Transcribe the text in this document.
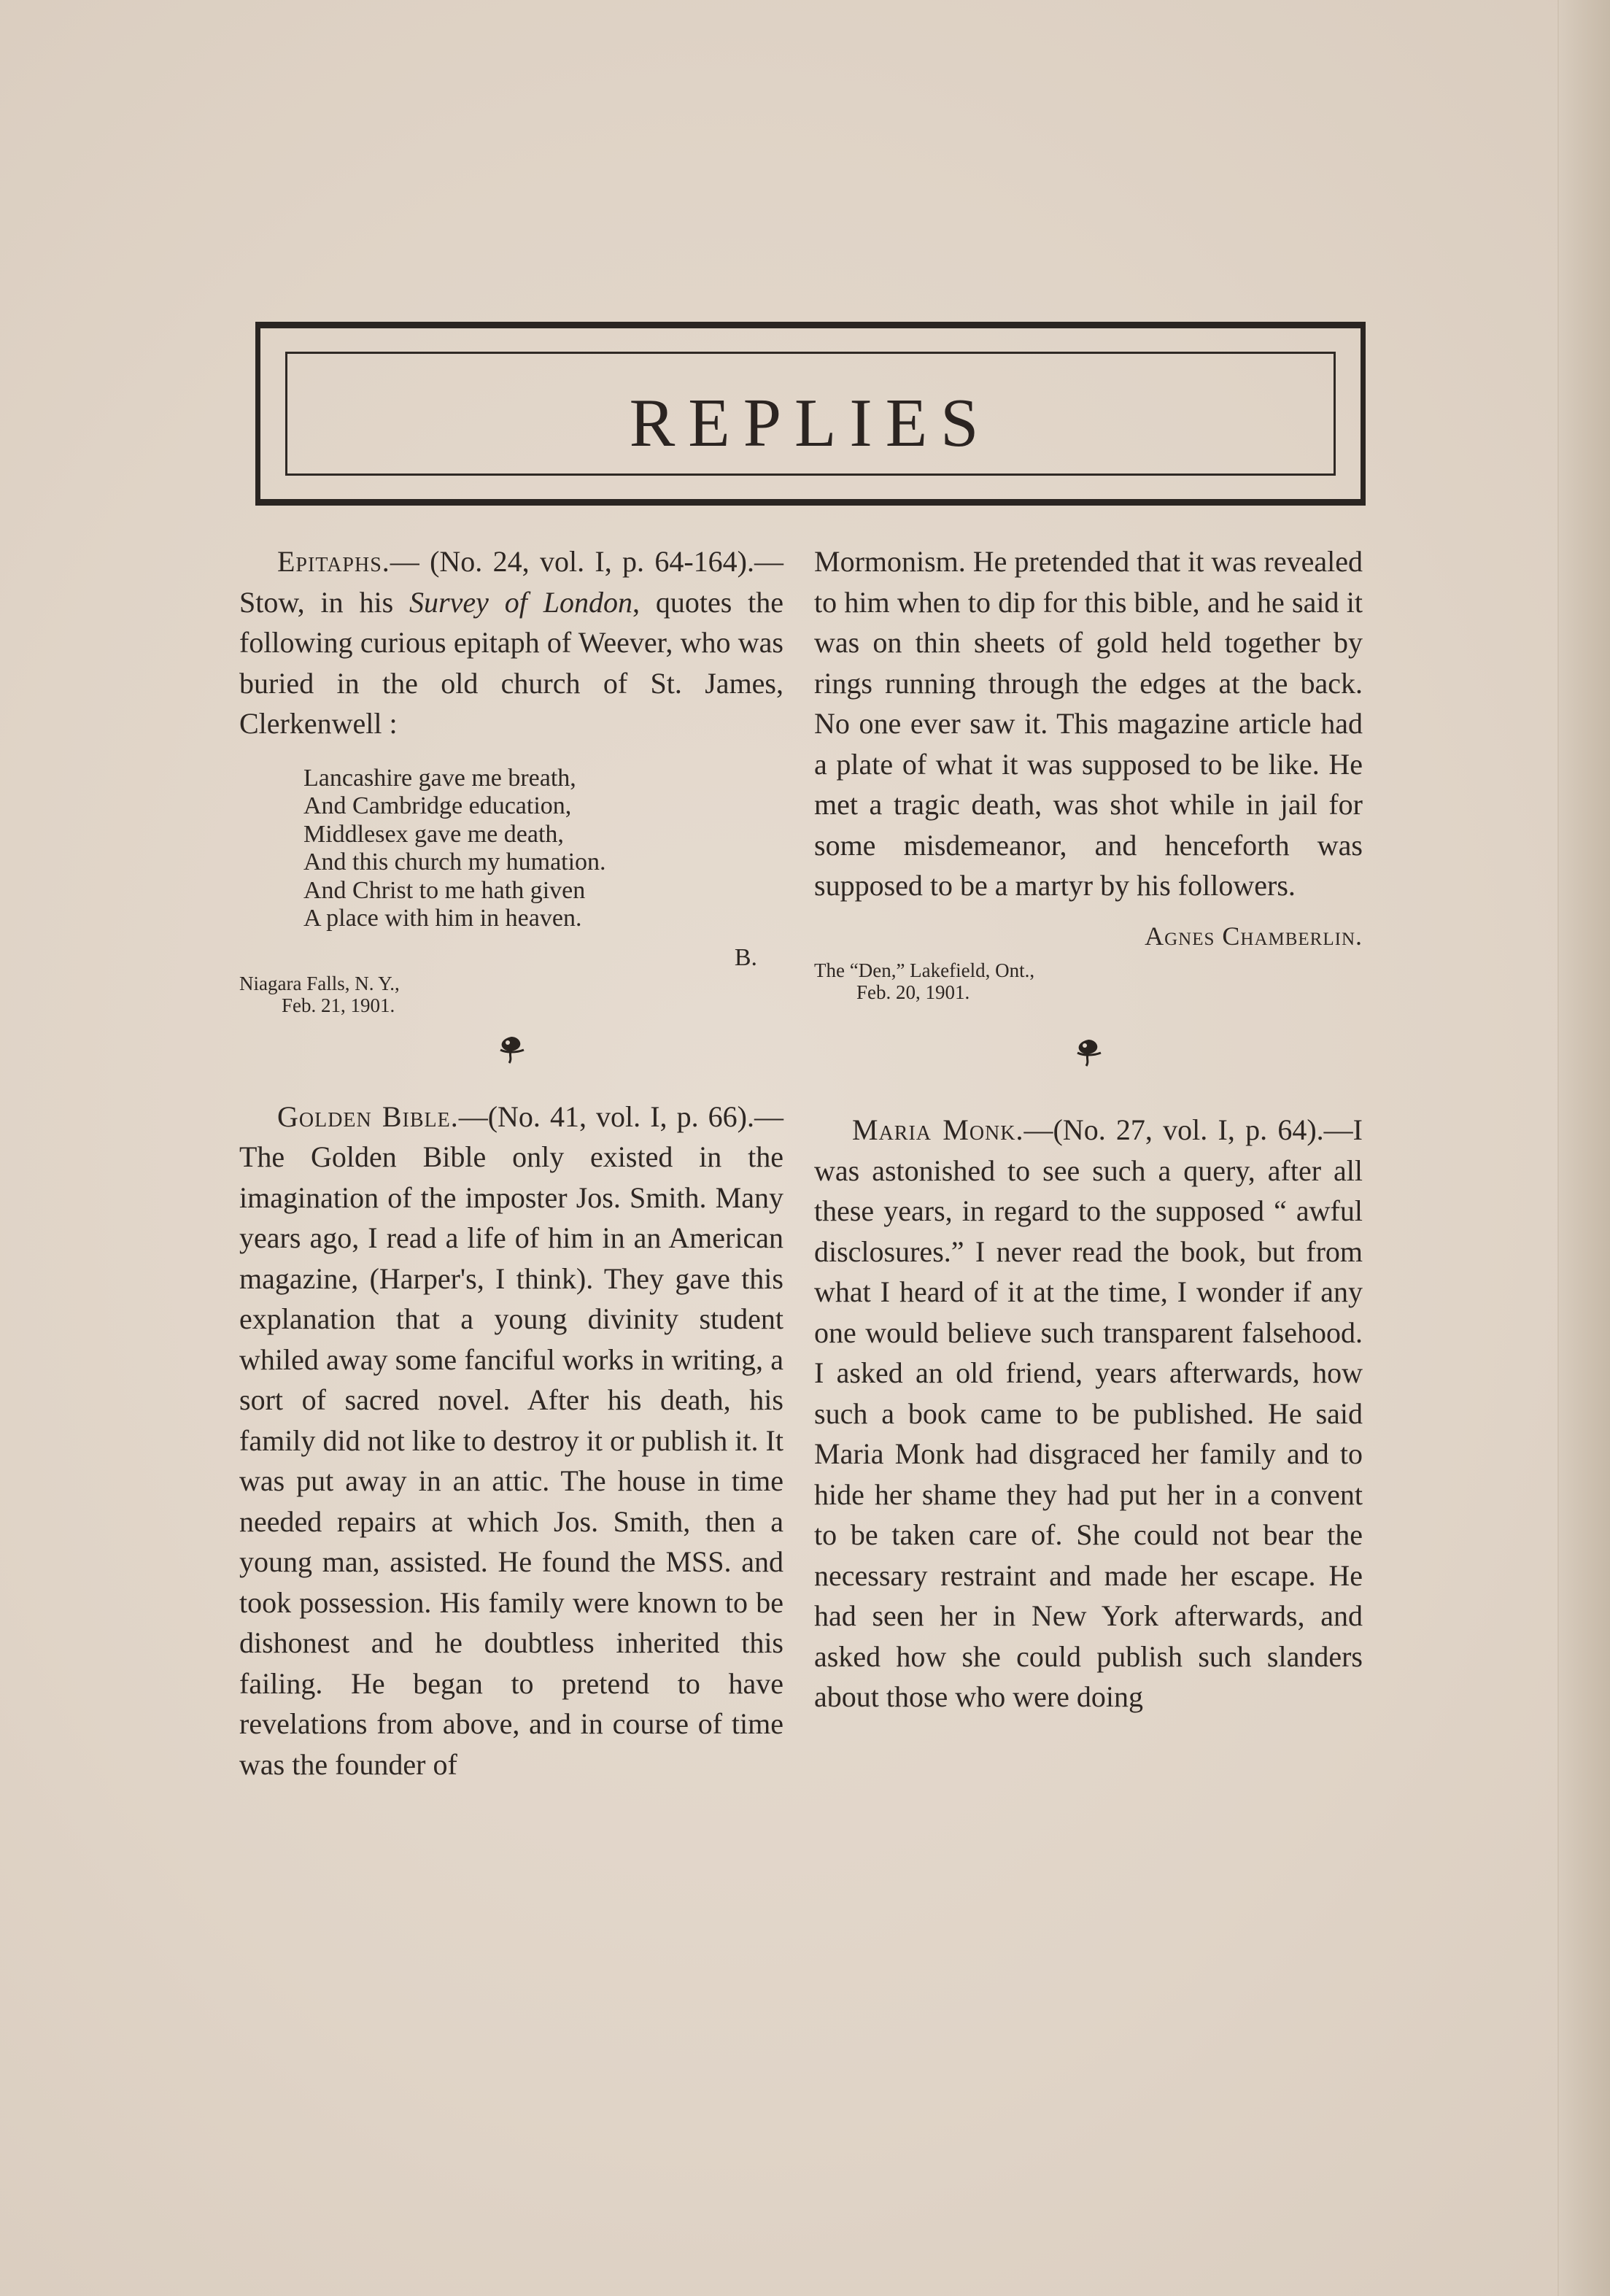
REPLIES

Epitaphs.— (No. 24, vol. I, p. 64-164).—Stow, in his Survey of London, quotes the following curious epitaph of Weever, who was buried in the old church of St. James, Clerkenwell :

Lancashire gave me breath,
And Cambridge education,
Middlesex gave me death,
And this church my humation.
And Christ to me hath given
A place with him in heaven.
B.

Niagara Falls, N. Y.,

Feb. 21, 1901.

Golden Bible.—(No. 41, vol. I, p. 66).—The Golden Bible only existed in the imagination of the imposter Jos. Smith. Many years ago, I read a life of him in an American magazine, (Harper's, I think). They gave this explanation that a young divinity student whiled away some fanciful works in writing, a sort of sacred novel. After his death, his family did not like to destroy it or publish it. It was put away in an attic. The house in time needed repairs at which Jos. Smith, then a young man, assisted. He found the MSS. and took possession. His family were known to be dishonest and he doubtless inherited this failing. He began to pretend to have revelations from above, and in course of time was the founder of

Mormonism. He pretended that it was revealed to him when to dip for this bible, and he said it was on thin sheets of gold held together by rings running through the edges at the back. No one ever saw it. This magazine article had a plate of what it was supposed to be like. He met a tragic death, was shot while in jail for some misdemeanor, and henceforth was supposed to be a martyr by his followers.

Agnes Chamberlin.

The “Den,” Lakefield, Ont.,

Feb. 20, 1901.

Maria Monk.—(No. 27, vol. I, p. 64).—I was astonished to see such a query, after all these years, in regard to the supposed “ awful disclosures.” I never read the book, but from what I heard of it at the time, I wonder if any one would believe such transparent falsehood. I asked an old friend, years afterwards, how such a book came to be published. He said Maria Monk had disgraced her family and to hide her shame they had put her in a convent to be taken care of. She could not bear the necessary restraint and made her escape. He had seen her in New York afterwards, and asked how she could publish such slanders about those who were doing
